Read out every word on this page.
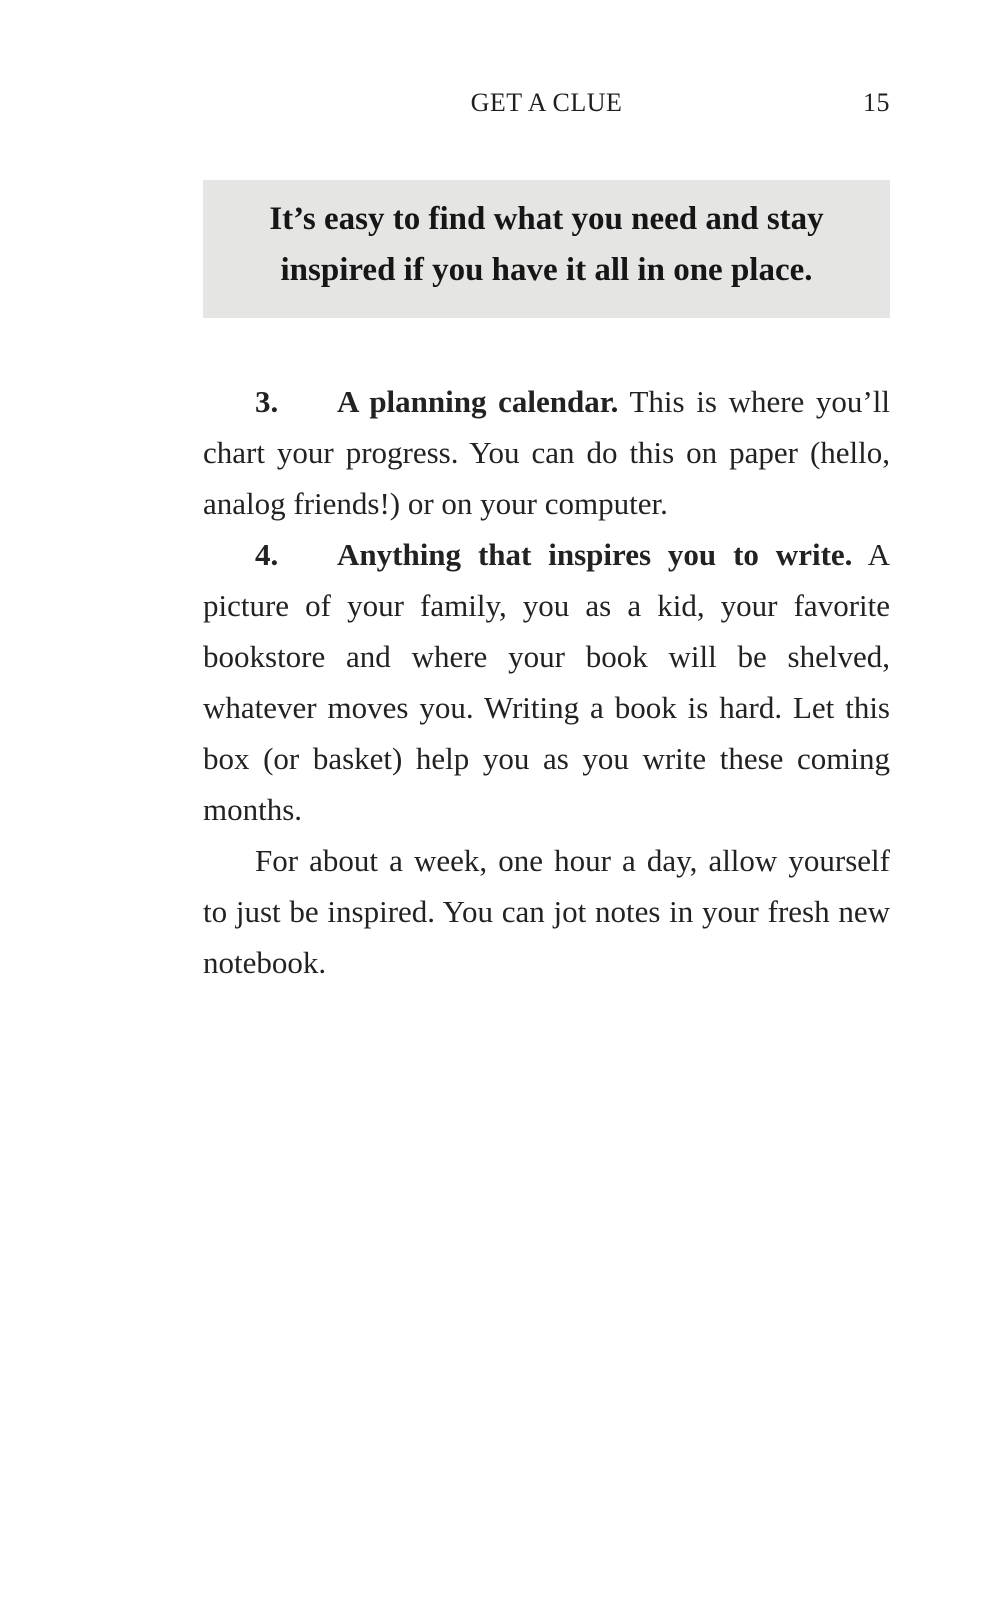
GET A CLUE	15
It’s easy to find what you need and stay inspired if you have it all in one place.

3. A planning calendar. This is where you’ll chart your progress. You can do this on paper (hello, analog friends!) or on your computer.

4. Anything that inspires you to write. A picture of your family, you as a kid, your favorite bookstore and where your book will be shelved, whatever moves you. Writing a book is hard. Let this box (or basket) help you as you write these coming months.

For about a week, one hour a day, allow yourself to just be inspired. You can jot notes in your fresh new notebook.
